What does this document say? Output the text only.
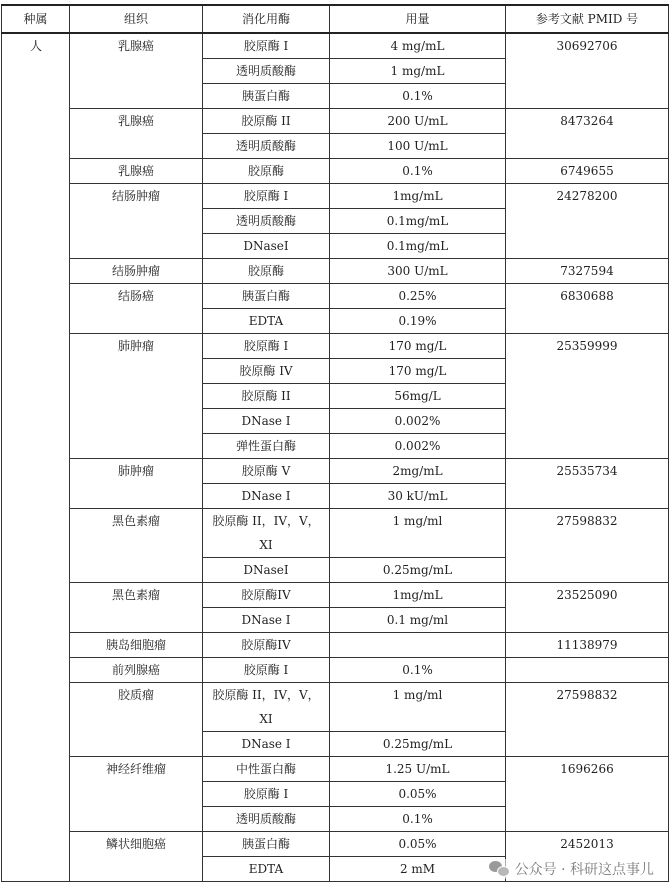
种属	组织	消化用酶	用量	参考文献 PMID 号
人	乳腺癌	胶原酶 I	4 mg/mL	30692706
		透明质酸酶	1 mg/mL	
		胰蛋白酶	0.1%	
	乳腺癌	胶原酶 II	200 U/mL	8473264
		透明质酸酶	100 U/mL	
	乳腺癌	胶原酶	0.1%	6749655
	结肠肿瘤	胶原酶 I	1mg/mL	24278200
		透明质酸酶	0.1mg/mL	
		DNaseI	0.1mg/mL	
	结肠肿瘤	胶原酶	300 U/mL	7327594
	结肠癌	胰蛋白酶	0.25%	6830688
		EDTA	0.19%	
	肺肿瘤	胶原酶 I	170 mg/L	25359999
		胶原酶 IV	170 mg/L	
		胶原酶 II	56mg/L	
		DNase I	0.002%	
		弹性蛋白酶	0.002%	
	肺肿瘤	胶原酶 V	2mg/mL	25535734
		DNase I	30 kU/mL	
	黑色素瘤	胶原酶 II，IV，V，XI	1 mg/ml	27598832
		DNaseI	0.25mg/mL	
	黑色素瘤	胶原酶IV	1mg/mL	23525090
		DNase I	0.1 mg/ml	
	胰岛细胞瘤	胶原酶IV		11138979
	前列腺癌	胶原酶 I	0.1%	
	胶质瘤	胶原酶 II，IV，V，XI	1 mg/ml	27598832
		DNase I	0.25mg/mL	
	神经纤维瘤	中性蛋白酶	1.25 U/mL	1696266
		胶原酶 I	0.05%	
		透明质酸酶	0.1%	
	鳞状细胞癌	胰蛋白酶	0.05%	2452013
		EDTA	2 mM		公众号 · 科研这点事儿
